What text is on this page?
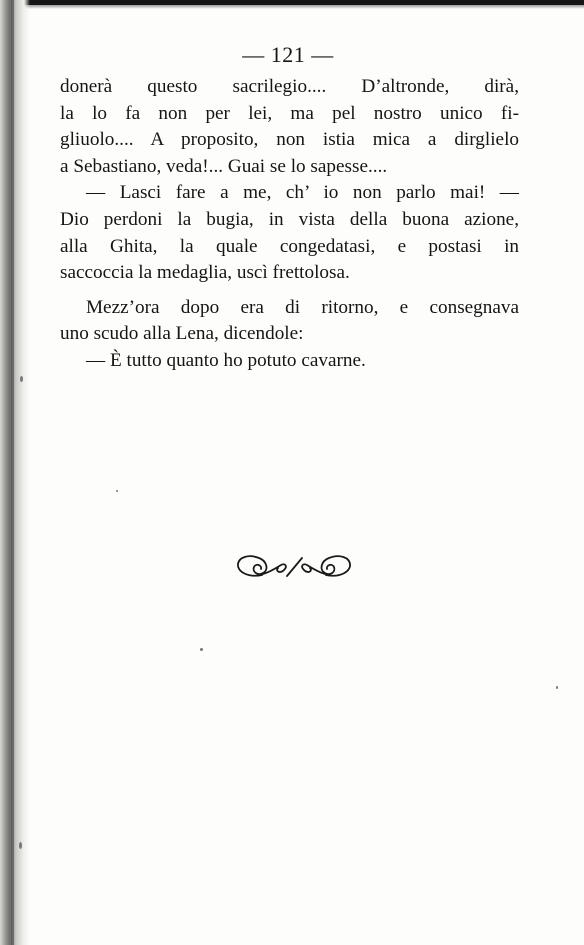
— 121 —
donerà questo sacrilegio.... D’altronde, dirà,
la lo fa non per lei, ma pel nostro unico fi-
gliuolo.... A proposito, non istia mica a dirglielo
a Sebastiano, veda!... Guai se lo sapesse....
— Lasci fare a me, ch’ io non parlo mai! —
Dio perdoni la bugia, in vista della buona azione,
alla Ghita, la quale congedatasi, e postasi in
saccoccia la medaglia, uscì frettolosa.
Mezz’ora dopo era di ritorno, e consegnava
uno scudo alla Lena, dicendole:
— È tutto quanto ho potuto cavarne.
